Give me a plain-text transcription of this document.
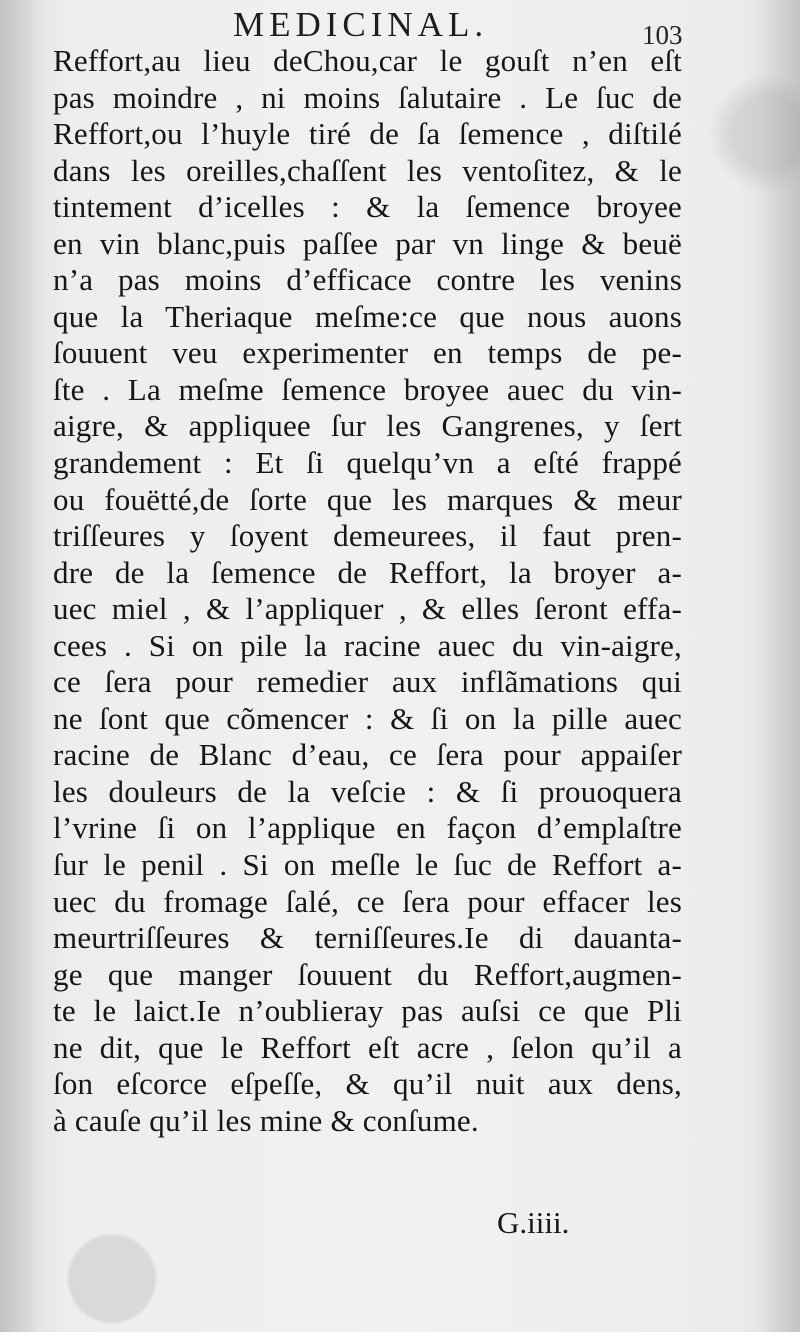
MEDICINAL.	103
Reffort,au lieu deChou,car le gouſt n’en eſt
pas moindre , ni moins ſalutaire . Le ſuc de
Reffort,ou l’huyle tiré de ſa ſemence , diſtilé
dans les oreilles,chaſſent les ventoſitez, & le
tintement d’icelles : & la ſemence broyee
en vin blanc,puis paſſee par vn linge & beuë
n’a pas moins d’efficace contre les venins
que la Theriaque meſme:ce que nous auons
ſouuent veu experimenter en temps de pe-
ſte . La meſme ſemence broyee auec du vin-
aigre, & appliquee ſur les Gangrenes, y ſert
grandement : Et ſi quelqu’vn a eſté frappé
ou fouëtté,de ſorte que les marques & meur
triſſeures y ſoyent demeurees, il faut pren-
dre de la ſemence de Reffort, la broyer a-
uec miel , & l’appliquer , & elles ſeront effa-
cees . Si on pile la racine auec du vin-aigre,
ce ſera pour remedier aux inflãmations qui
ne ſont que cõmencer : & ſi on la pille auec
racine de Blanc d’eau, ce ſera pour appaiſer
les douleurs de la veſcie : & ſi prouoquera
l’vrine ſi on l’applique en façon d’emplaſtre
ſur le penil . Si on meſle le ſuc de Reffort a-
uec du fromage ſalé, ce ſera pour effacer les
meurtriſſeures & terniſſeures.Ie di dauanta-
ge que manger ſouuent du Reffort,augmen-
te le laict.Ie n’oublieray pas auſsi ce que Pli
ne dit, que le Reffort eſt acre , ſelon qu’il a
ſon eſcorce eſpeſſe, & qu’il nuit aux dens,
à cauſe qu’il les mine & conſume.
G.iiii.
